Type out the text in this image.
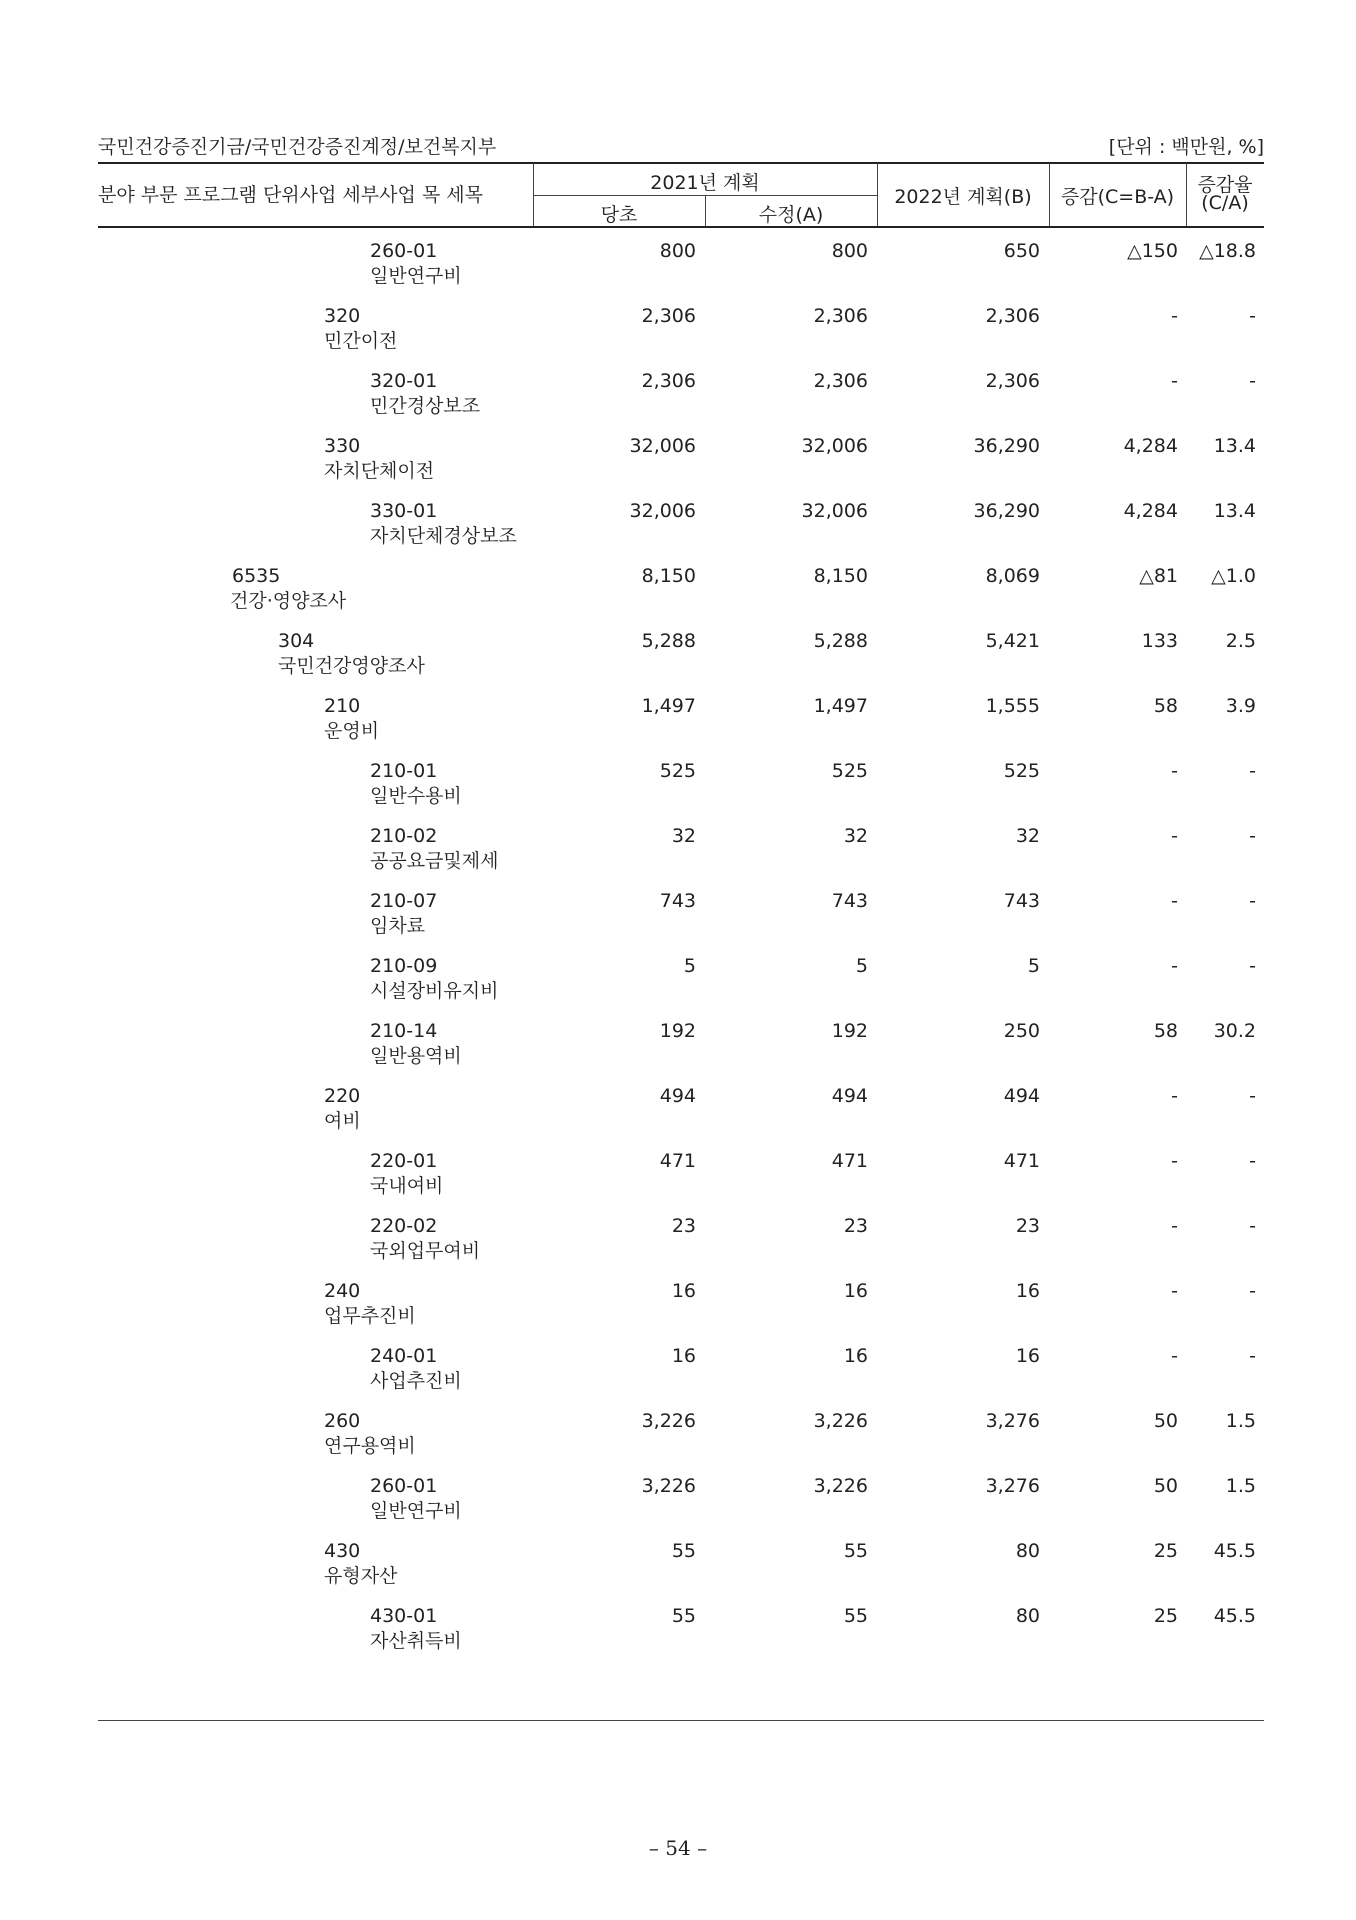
국민건강증진기금/국민건강증진계정/보건복지부	[단위 : 백만원, %]
분야 부문 프로그램 단위사업 세부사업 목 세목
2021년 계획
당초	수정(A)
2022년 계획(B)	증감(C=B-A)
증감율
(C/A)
260-01
일반연구비
800	800	650	△150 △18.8
320
민간이전
2,306	2,306	2,306	-	-
320-01
민간경상보조
2,306	2,306	2,306	-	-
330
자치단체이전
32,006	32,006	36,290	4,284 13.4
330-01
자치단체경상보조
32,006	32,006	36,290	4,284 13.4
6535
건강·영양조사
8,150	8,150	8,069	△81 △1.0
304
국민건강영양조사
5,288	5,288	5,421	133	2.5
210
운영비
1,497	1,497	1,555	58	3.9
210-01
일반수용비
525	525	525	-	-
210-02
공공요금및제세
32	32	32	-	-
210-07
임차료
743	743	743	-	-
210-09
시설장비유지비
5	5	5	-	-
210-14
일반용역비
192	192	250	58 30.2
220
여비
494	494	494	-	-
220-01
국내여비
471	471	471	-	-
220-02
국외업무여비
23	23	23	-	-
240
업무추진비
16	16	16	-	-
240-01
사업추진비
16	16	16	-	-
260
연구용역비
3,226	3,226	3,276	50	1.5
260-01
일반연구비
3,226	3,226	3,276	50	1.5
430
유형자산
55	55	80	25 45.5
430-01
자산취득비
55	55	80	25 45.5
– 54 –
